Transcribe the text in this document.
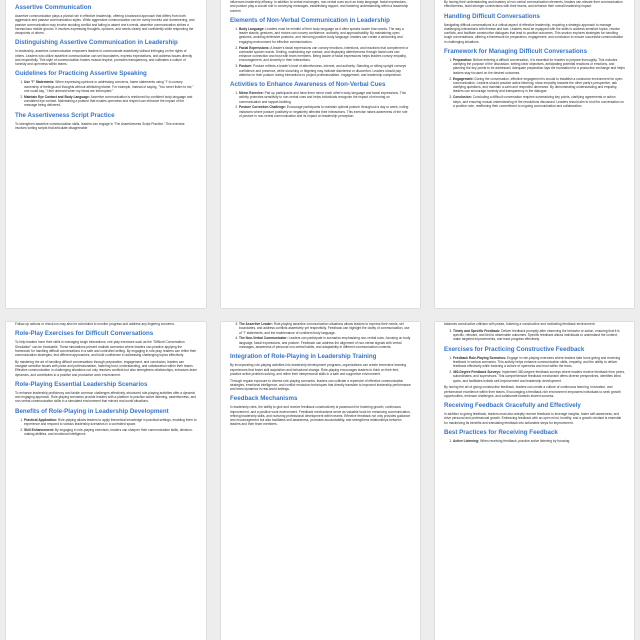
Assertive Communication

Assertive communication plays a pivotal role in effective leadership, offering a balanced approach that differs from both aggressive and passive communication styles. While aggressive communication can be overly forceful and domineering, and passive communication may involve avoiding conflict and failing to assert one's needs, assertive communication strikes a harmonious middle ground. It involves expressing thoughts, opinions, and needs clearly and confidently while respecting the viewpoints of others.

Distinguishing Assertive Communication in Leadership

In leadership, assertive communication empowers leaders to communicate assertively without infringing on the rights of others. Leaders who utilize assertive communication can set boundaries, express expectations, and address issues directly and respectfully. This style of communication fosters mutual respect, promotes transparency, and cultivates a culture of honesty and openness within teams.

Guidelines for Practicing Assertive Speaking
1. Use "I" Statements: When expressing opinions or addressing concerns, frame statements using "I" to convey ownership of feelings and thoughts without attributing blame. For example, instead of saying, "You never listen to me," one could say, "I feel unheard when my ideas are interrupted."
2. Maintain Eye Contact and Body Language: Assertive communication is reinforced by confident body language and consistent eye contact. Maintaining a posture that exudes openness and respect can enhance the impact of the message being delivered.
The Assertiveness Script Practice

To strengthen assertive communication skills, leaders can engage in 'The Assertiveness Script Practice.' This exercise involves writing scripts that articulate disagreeable

influences leadership efficacy. In addition to verbal exchanges, non-verbal cues such as body language, facial expressions, and posture play a crucial role in conveying messages, establishing rapport, and fostering understanding within a leadership context.

Elements of Non-Verbal Communication in Leadership
1. Body Language: Leaders must be mindful of their body language as it often speaks louder than words. The way a leader stands, gestures, and moves can convey confidence, authority, and approachability. By maintaining open gestures, avoiding defensive postures, and mirroring positive body language, leaders can create a welcoming and engaging environment for effective communication.
2. Facial Expressions: A leader's facial expressions can convey emotions, intentions, and reactions that complement or contradict spoken words. Smiling, maintaining eye contact, and displaying attentiveness through facial cues can enhance connection and trust with team members. Being aware of facial expressions helps leaders convey empathy, encouragement, and sincerity in their interactions.
3. Posture: Posture reflects a leader's level of attentiveness, interest, and authority. Standing or sitting upright conveys confidence and presence, while slouching or fidgeting may indicate disinterest or discomfort. Leaders should pay attention to their posture during interactions to project professionalism, engagement, and leadership competence.
Activities to Enhance Awareness of Non-Verbal Cues
1. Mirror Exercise: Pair up participants and have them mirror each other's body language and facial expressions. This activity promotes sensitivity to non-verbal cues and helps individuals recognize the impact of mirroring on communication and rapport-building.
2. Posture Correction Challenge: Encourage participants to maintain optimal posture throughout a day or week, noting instances where posture positively or negatively affected their interactions. This exercise raises awareness of the role of posture in non-verbal communication and its impact on leadership perception.

By honing their understanding and mastery of non-verbal communication elements, leaders can elevate their communication effectiveness, build stronger connections with their teams, and enhance their overall leadership impact.

Handling Difficult Conversations

Navigating difficult conversations is a critical aspect of effective leadership, requiring a strategic approach to manage challenging interactions with finesse and tact. Leaders must be equipped with the skills to address sensitive topics, resolve conflicts, and facilitate constructive dialogues that lead to positive outcomes. This section explores strategies for handling tough conversations, offering a framework for preparation, engagement, and conclusion to ensure successful communication in challenging situations.

Framework for Managing Difficult Conversations
1. Preparation: Before entering a difficult conversation, it is essential for leaders to prepare thoroughly. This includes clarifying the purpose of the discussion, setting clear objectives, anticipating potential reactions or emotions, and planning the key points to be addressed. Adequate preparation lays the foundation for a productive exchange and helps leaders stay focused on the desired outcomes.
2. Engagement: During the conversation, effective engagement is crucial to establish a conducive environment for open communication. Leaders should practice active listening, show empathy towards the other party's perspective, ask clarifying questions, and maintain a calm and respectful demeanor. By demonstrating understanding and empathy, leaders can encourage honesty and transparency in the dialogue.
3. Conclusion: Concluding a difficult conversation requires summarizing key points, clarifying agreements or action steps, and ensuring mutual understanding of the resolutions discussed. Leaders should aim to end the conversation on a positive note, reaffirming their commitment to ongoing communication and collaboration.

Follow-up actions or check-ins may also be scheduled to monitor progress and address any lingering concerns.

Role-Play Exercises for Difficult Conversations

To help leaders hone their skills in managing tough interactions, role-play exercises such as the "Difficult Conversation Simulation" can be invaluable. These simulations present realistic scenarios where leaders can practice applying the framework for handling difficult conversations in a safe and controlled setting. By engaging in role-play, leaders can refine their communication strategies, test different approaches, and build confidence in addressing challenging topics effectively.

By mastering the art of handling difficult conversations through preparation, engagement, and conclusion, leaders can navigate sensitive issues with poise and professionalism, fostering trust, understanding, and collaboration within their teams. Effective communication in challenging situations not only resolves conflicts but also strengthens relationships, enhances team dynamics, and contributes to a positive and productive work environment.

Role-Playing Essential Leadership Scenarios

To enhance leadership proficiency and tackle common challenges effectively, structured role-playing activities offer a dynamic and engaging approach. Role-playing scenarios provide leaders with a platform to practice active listening, assertiveness, and non-verbal communication skills in a simulated environment that mirrors real-world situations.

Benefits of Role-Playing in Leadership Development
1. Practical Application: Role-playing allows leaders to apply theoretical knowledge in practical settings, enabling them to experience and respond to various leadership scenarios in a controlled space.
2. Skill Enhancement: By engaging in role-playing exercises, leaders can sharpen their communication skills, decision-making abilities, and emotional intelligence
3. The Assertive Leader: Role-playing assertive communication situations allows leaders to express their needs, set boundaries, and address conflicts assertively yet respectfully. Feedback can highlight the clarity of communication, use of "I" statements, and the maintenance of confident body language.
4. The Non-Verbal Communicator: Leaders can participate in scenarios emphasizing non-verbal cues, focusing on body language, facial expressions, and posture. Feedback can address the alignment of non-verbal signals with verbal messages, awareness of personal non-verbal habits, and adaptability in different communication contexts.
Integration of Role-Playing in Leadership Training

By incorporating role-playing activities into leadership development programs, organizations can create immersive learning experiences that foster skill acquisition and behavioral change. Role-playing encourages leaders to think on their feet, practice active problem-solving, and refine their interpersonal skills in a safe and supportive environment.

Through regular exposure to diverse role-playing scenarios, leaders can cultivate a repertoire of effective communication strategies, emotional intelligence, and conflict resolution techniques that directly translate to improved leadership performance and team dynamics in real-world settings.

Feedback Mechanisms

In leadership roles, the ability to give and receive feedback constructively is paramount for fostering growth, continuous improvement, and a positive work environment. Feedback mechanisms serve as valuable tools for enhancing communication, refining leadership skills, and nurturing professional development within teams. Effective feedback not only provides guidance and encouragement but also facilitates self-awareness, promotes accountability, and strengthens relationships between leaders and their team members.

balances constructive criticism with praise, fostering a constructive and motivating feedback environment.

3. Timely and Specific Feedback: Deliver feedback promptly after observing the behavior or action, ensuring that it is specific, relevant, and tied to observable outcomes. Specific feedback allows individuals to understand the context, make targeted improvements, and track progress effectively.
Exercises for Practicing Constructive Feedback
1. Feedback Role-Playing Scenarios: Engage in role-playing exercises where leaders take turns giving and receiving feedback in various scenarios. This activity helps enhance communication skills, empathy, and the ability to deliver feedback effectively while fostering a culture of openness and trust within the team.
2. 360-Degree Feedback Surveys: Implement 360-degree feedback surveys where leaders receive feedback from peers, subordinates, and supervisors. This comprehensive feedback mechanism offers diverse perspectives, identifies blind spots, and facilitates holistic self-improvement and leadership development.

By honing the art of giving constructive feedback, leaders can create a culture of continuous learning, innovation, and performance excellence within their teams. Encouraging a feedback-rich environment empowers individuals to seek growth opportunities, embrace challenges, and collaborate towards shared success.

Receiving Feedback Gracefully and Effectively

In addition to giving feedback, leaders must also adeptly receive feedback to leverage insights, foster self-awareness, and drive personal and professional growth. Embracing feedback with an open mind, humility, and a growth mindset is essential for maximizing its benefits and translating feedback into actionable steps for improvement.

Best Practices for Receiving Feedback
1. Active Listening: When receiving feedback, practice active listening by focusing
